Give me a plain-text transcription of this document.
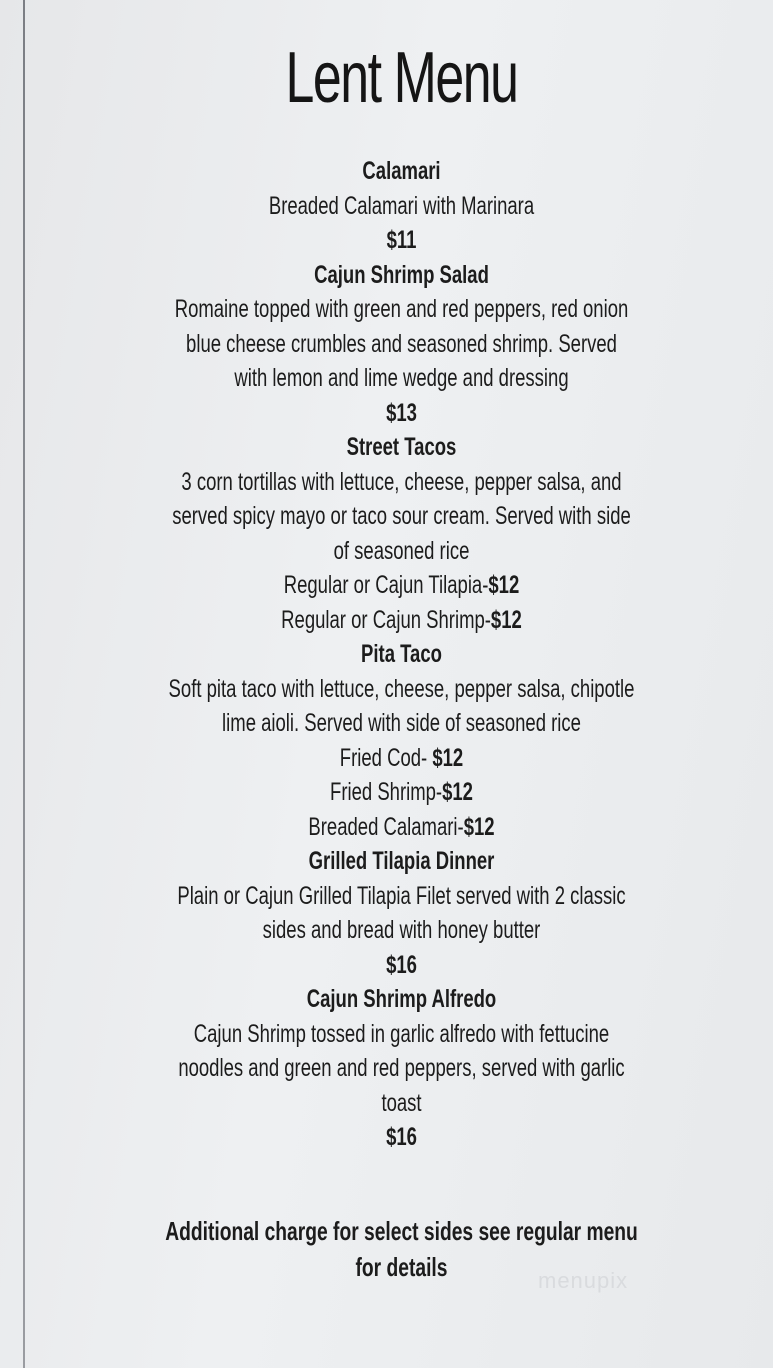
Lent Menu
Calamari
Breaded Calamari with Marinara
$11
Cajun Shrimp Salad
Romaine topped with green and red peppers, red onion
blue cheese crumbles and seasoned shrimp. Served
with lemon and lime wedge and dressing
$13
Street Tacos
3 corn tortillas with lettuce, cheese, pepper salsa, and
served spicy mayo or taco sour cream. Served with side
of seasoned rice
Regular or Cajun Tilapia-$12
Regular or Cajun Shrimp-$12
Pita Taco
Soft pita taco with lettuce, cheese, pepper salsa, chipotle
lime aioli. Served with side of seasoned rice
Fried Cod- $12
Fried Shrimp-$12
Breaded Calamari-$12
Grilled Tilapia Dinner
Plain or Cajun Grilled Tilapia Filet served with 2 classic
sides and bread with honey butter
$16
Cajun Shrimp Alfredo
Cajun Shrimp tossed in garlic alfredo with fettucine
noodles and green and red peppers, served with garlic
toast
$16
Additional charge for select sides see regular menu
for details	menupix
